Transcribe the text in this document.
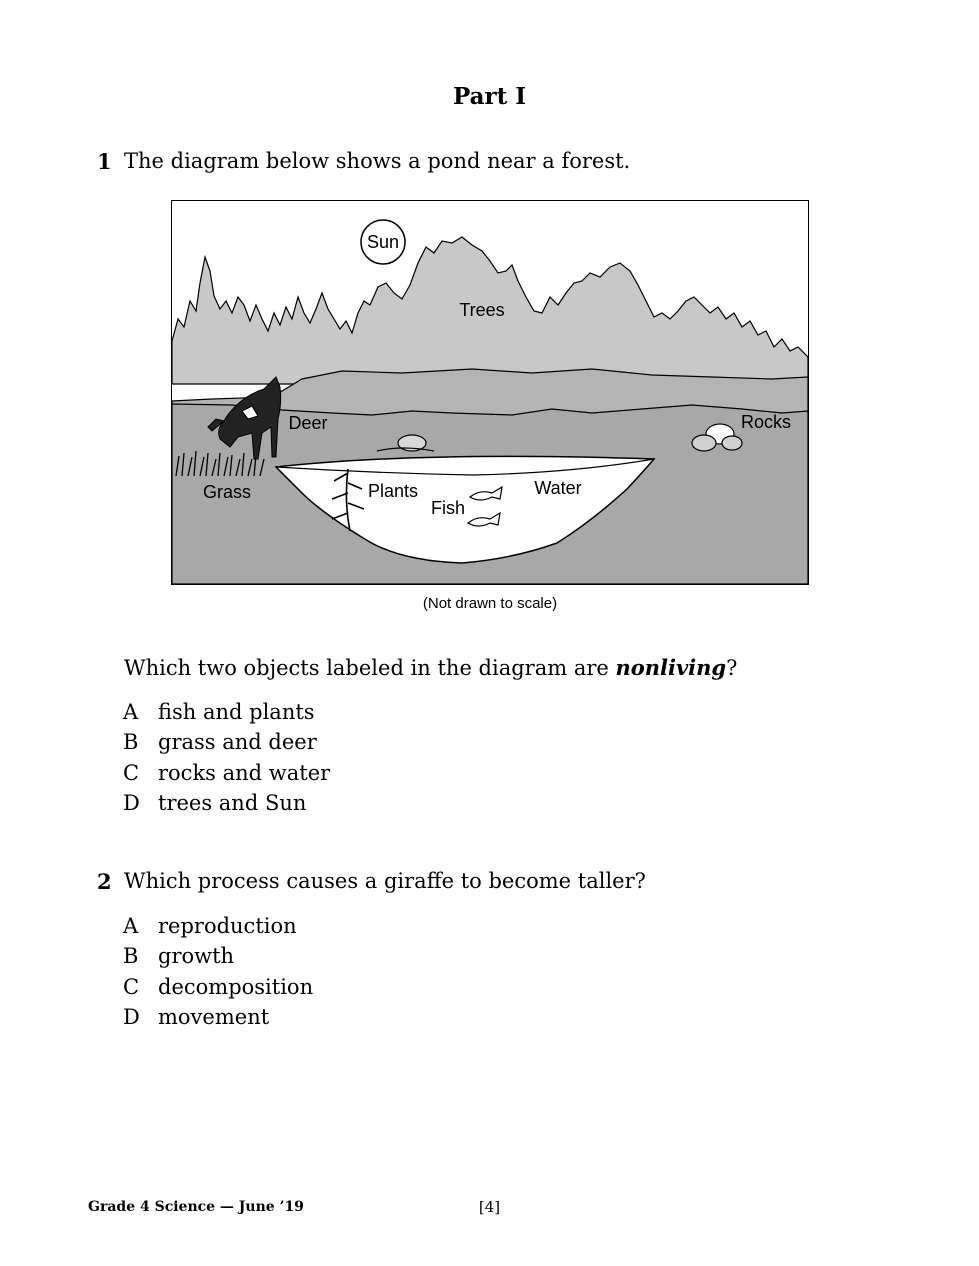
Part I
1 The diagram below shows a pond near a forest.
Sun
Trees
Deer	Rocks
Grass	Plants	Water
Fish
(Not drawn to scale)
Which two objects labeled in the diagram are nonliving?
A fish and plants
B grass and deer
C rocks and water
D trees and Sun
2 Which process causes a giraffe to become taller?
A reproduction
B growth
C decomposition
D movement
Grade 4 Science — June ’19	[4]
